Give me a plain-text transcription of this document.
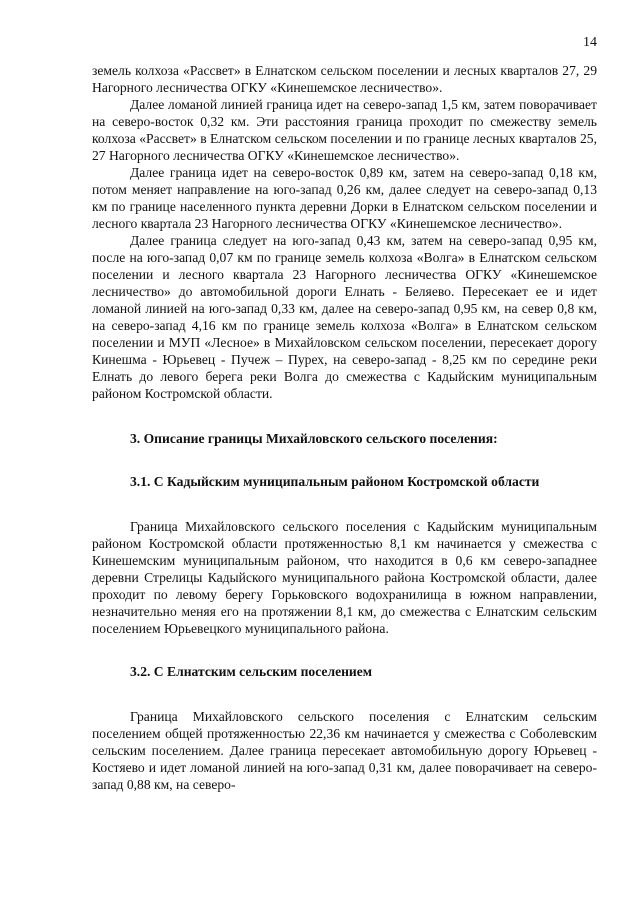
14

земель колхоза «Рассвет» в Елнатском сельском поселении и лесных кварталов 27, 29 Нагорного лесничества ОГКУ «Кинешемское лесничество».

Далее ломаной линией граница идет на северо-запад 1,5 км, затем поворачивает на северо-восток 0,32 км. Эти расстояния граница проходит по смежеству земель колхоза «Рассвет» в Елнатском сельском поселении и по границе лесных кварталов 25, 27 Нагорного лесничества ОГКУ «Кинешемское лесничество».

Далее граница идет на северо-восток 0,89 км, затем на северо-запад 0,18 км, потом меняет направление на юго-запад 0,26 км, далее следует на северо-запад 0,13 км по границе населенного пункта деревни Дорки в Елнатском сельском поселении и лесного квартала 23 Нагорного лесничества ОГКУ «Кинешемское лесничество».

Далее граница следует на юго-запад 0,43 км, затем на северо-запад 0,95 км, после на юго-запад 0,07 км по границе земель колхоза «Волга» в Елнатском сельском поселении и лесного квартала 23 Нагорного лесничества ОГКУ «Кинешемское лесничество» до автомобильной дороги Елнать - Беляево. Пересекает ее и идет ломаной линией на юго-запад 0,33 км, далее на северо-запад 0,95 км, на север 0,8 км, на северо-запад 4,16 км по границе земель колхоза «Волга» в Елнатском сельском поселении и МУП «Лесное» в Михайловском сельском поселении, пересекает дорогу Кинешма - Юрьевец - Пучеж – Пурех, на северо-запад - 8,25 км по середине реки Елнать до левого берега реки Волга до смежества с Кадыйским муниципальным районом Костромской области.

3. Описание границы Михайловского сельского поселения:

3.1. С Кадыйским муниципальным районом Костромской области

Граница Михайловского сельского поселения с Кадыйским муниципальным районом Костромской области протяженностью 8,1 км начинается у смежества с Кинешемским муниципальным районом, что находится в 0,6 км северо-западнее деревни Стрелицы Кадыйского муниципального района Костромской области, далее проходит по левому берегу Горьковского водохранилища в южном направлении, незначительно меняя его на протяжении 8,1 км, до смежества с Елнатским сельским поселением Юрьевецкого муниципального района.

3.2. С Елнатским сельским поселением

Граница Михайловского сельского поселения с Елнатским сельским поселением общей протяженностью 22,36 км начинается у смежества с Соболевским сельским поселением. Далее граница пересекает автомобильную дорогу Юрьевец - Костяево и идет ломаной линией на юго-запад 0,31 км, далее поворачивает на северо-запад 0,88 км, на северо-
